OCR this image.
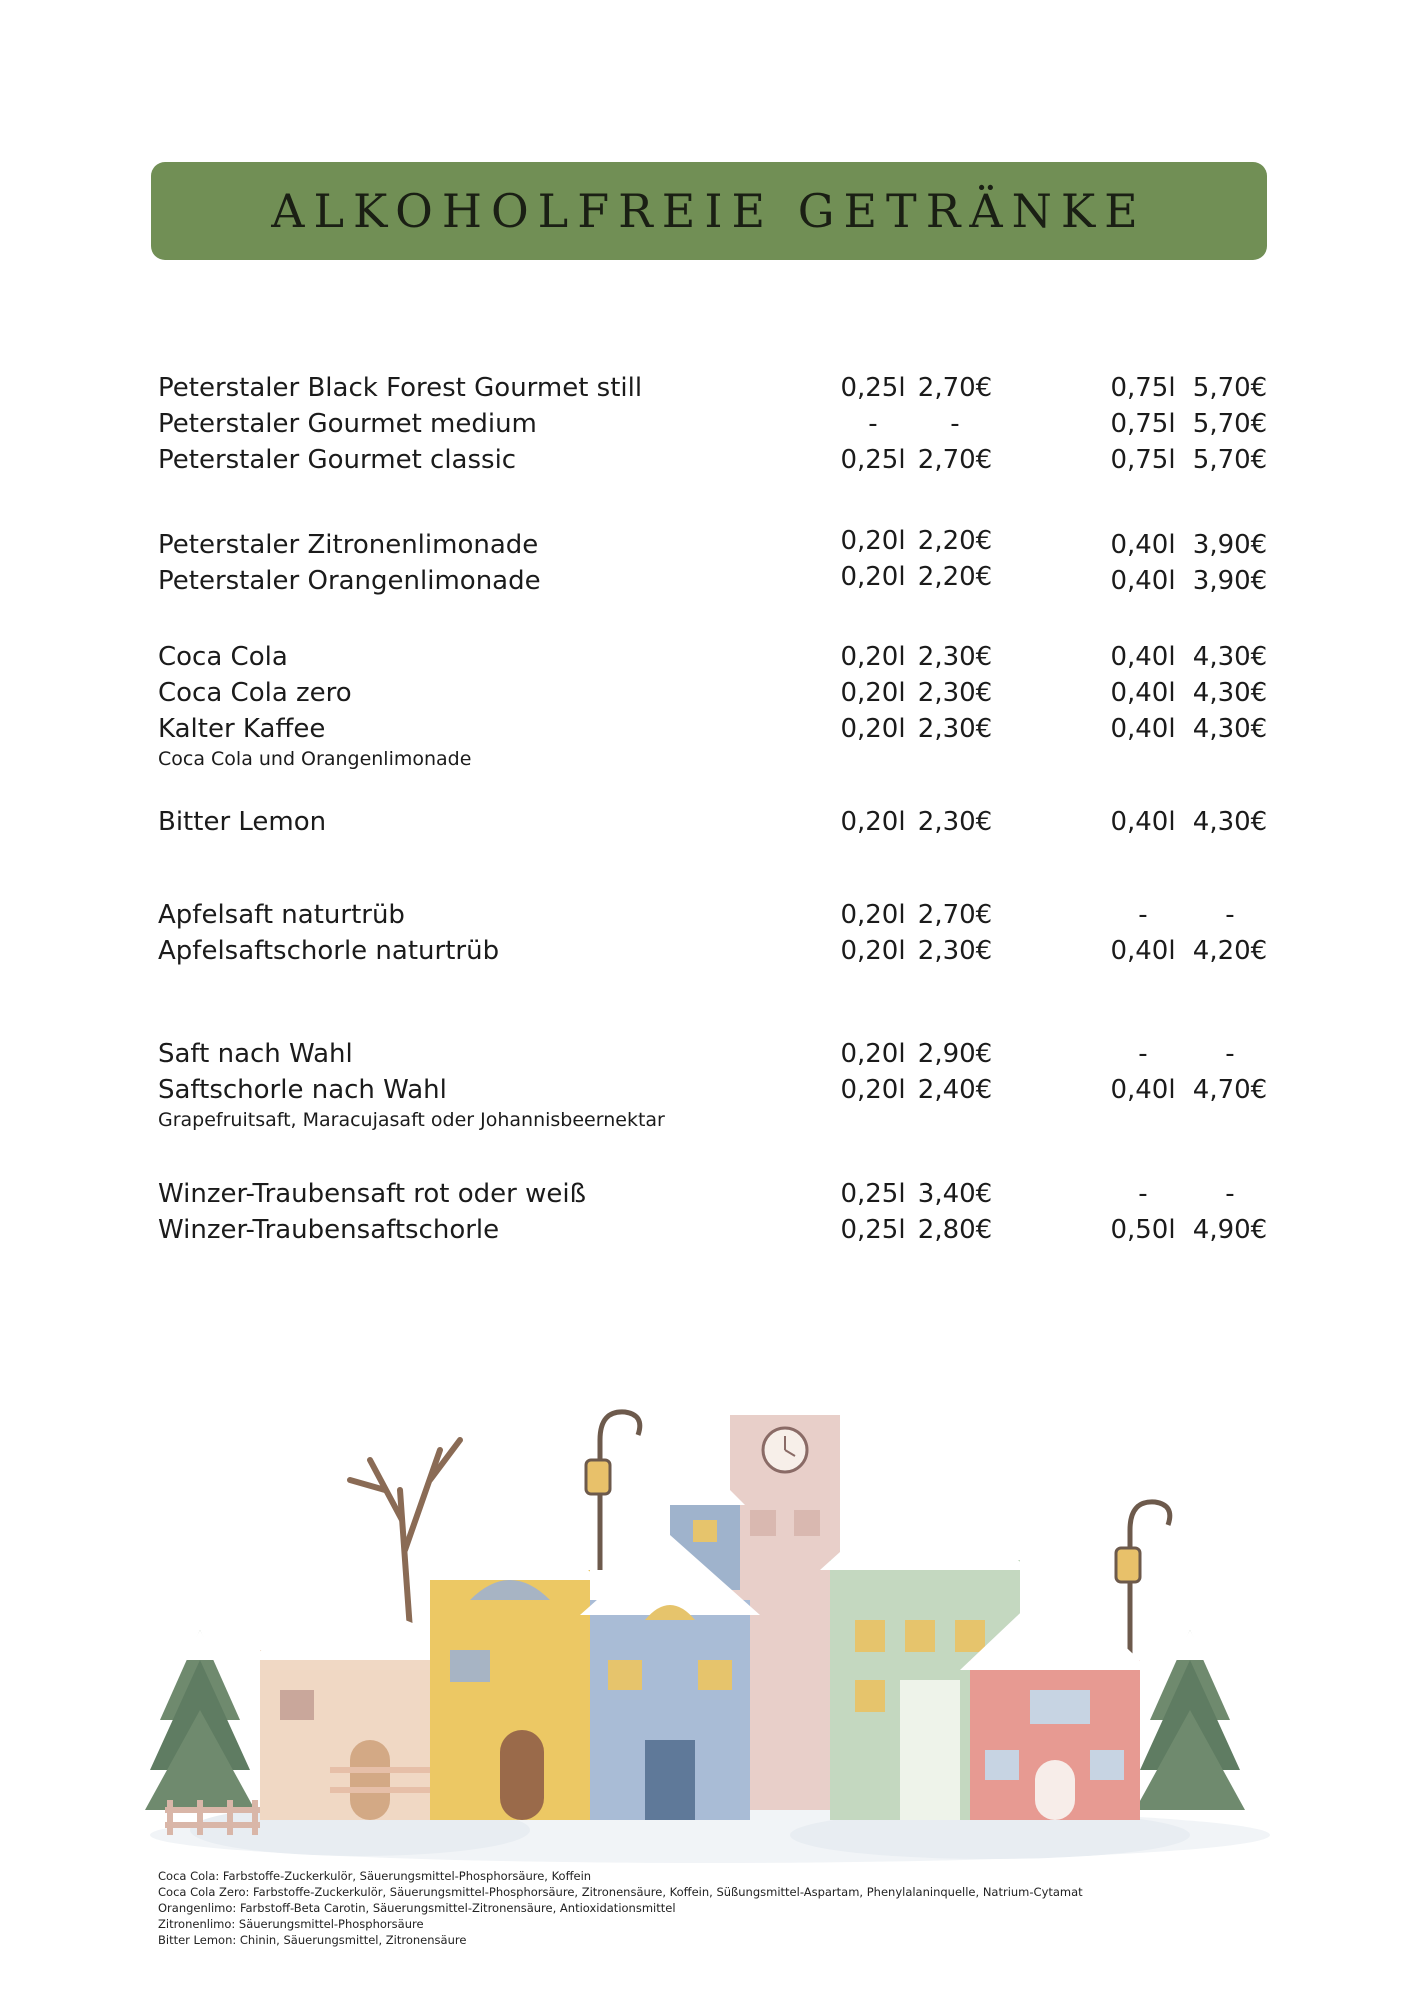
ALKOHOLFREIE GETRÄNKE
Peterstaler Black Forest Gourmet still	0,25l 2,70€	0,75l 5,70€
Peterstaler Gourmet medium	-	-	0,75l 5,70€
Peterstaler Gourmet classic	0,25l 2,70€	0,75l 5,70€
Peterstaler Zitronenlimonade	0,20l 2,20€	0,40l 3,90€
Peterstaler Orangenlimonade	0,20l 2,20€	0,40l 3,90€
Coca Cola	0,20l 2,30€	0,40l 4,30€
Coca Cola zero	0,20l 2,30€	0,40l 4,30€
Kalter Kaffee	0,20l 2,30€	0,40l 4,30€
Coca Cola und Orangenlimonade
Bitter Lemon	0,20l 2,30€	0,40l 4,30€
Apfelsaft naturtrüb	0,20l 2,70€	-	-
Apfelsaftschorle naturtrüb	0,20l 2,30€	0,40l 4,20€
Saft nach Wahl	0,20l 2,90€	-	-
Saftschorle nach Wahl	0,20l 2,40€	0,40l 4,70€
Grapefruitsaft, Maracujasaft oder Johannisbeernektar
Winzer-Traubensaft rot oder weiß	0,25l 3,40€	-	-
Winzer-Traubensaftschorle	0,25l 2,80€	0,50l 4,90€
Coca Cola: Farbstoffe-Zuckerkulör, Säuerungsmittel-Phosphorsäure, Koffein
Coca Cola Zero: Farbstoffe-Zuckerkulör, Säuerungsmittel-Phosphorsäure, Zitronensäure, Koffein, Süßungsmittel-Aspartam, Phenylalaninquelle, Natrium-Cytamat
Orangenlimo: Farbstoff-Beta Carotin, Säuerungsmittel-Zitronensäure, Antioxidationsmittel
Zitronenlimo: Säuerungsmittel-Phosphorsäure
Bitter Lemon: Chinin, Säuerungsmittel, Zitronensäure
